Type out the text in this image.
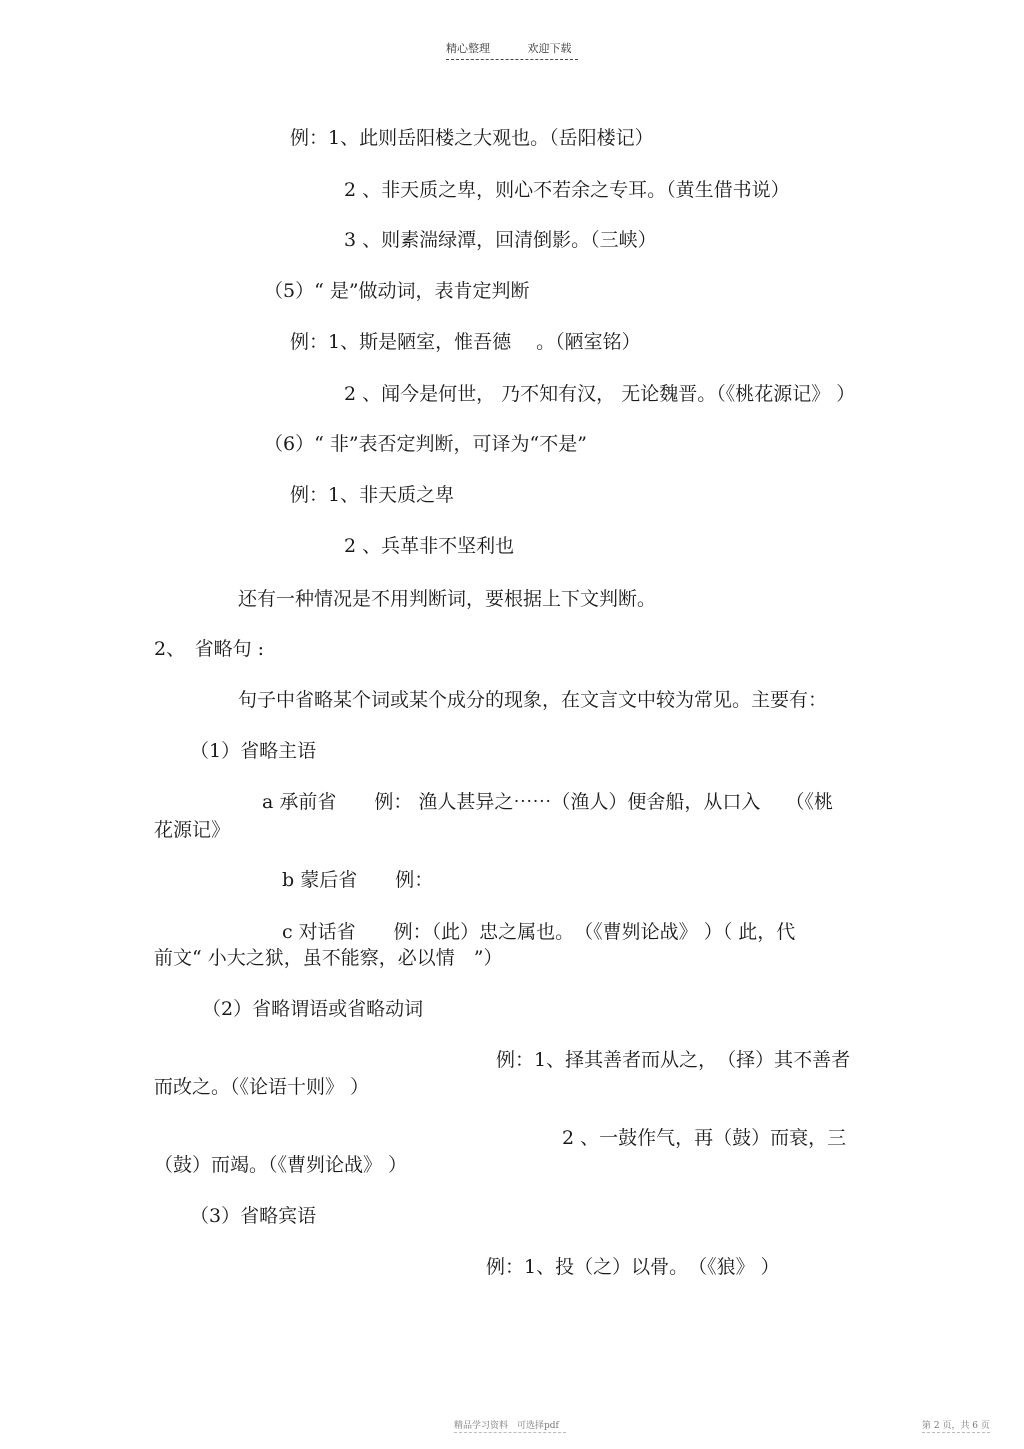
精心整理	欢迎下载
例：1、此则岳阳楼之大观也。（岳阳楼记）
2 、非天质之卑，则心不若余之专耳。（黄生借书说）
3 、则素湍绿潭，回清倒影。（三峡）
（5）“ 是”做动词，表肯定判断
例：1、斯是陋室，惟吾德　 。（陋室铭）
2 、闻今是何世， 乃不知有汉， 无论魏晋。（《桃花源记》 ）
（6）“ 非”表否定判断，可译为“不是”
例：1、非天质之卑
2 、兵革非不坚利也
还有一种情况是不用判断词，要根据上下文判断。
2、　省略句 :
句子中省略某个词或某个成分的现象，在文言文中较为常见。主要有：
（1）省略主语
a 承前省　　例： 渔人甚异之⋯⋯（渔人）便舍船，从口入　 （《桃
花源记》
b 蒙后省　　例：
c 对话省　　例：（此）忠之属也。　（《曹刿论战》 ）（ 此，代
前文“ 小大之狱，虽不能察，必以情　”）
（2）省略谓语或省略动词
例：1、择其善者而从之，　（择）其不善者
而改之。（《论语十则》 ）
2 、一鼓作气，再（鼓）而衰，三
（鼓）而竭。（《曹刿论战》 ）
（3）省略宾语
例：1、投（之）以骨。　（《狼》 ）
精品学习资料　可选择pdf	第 2 页，共 6 页
